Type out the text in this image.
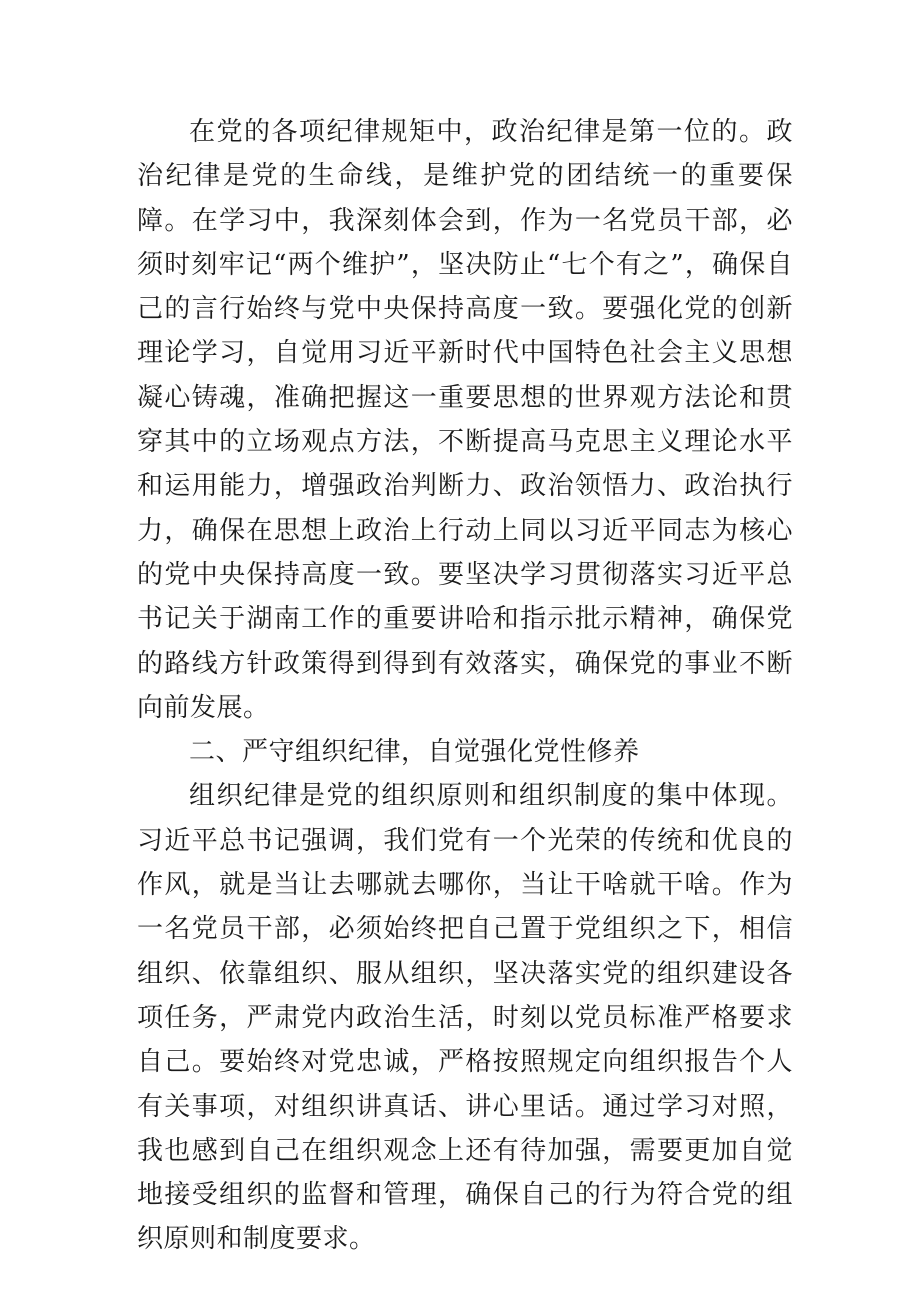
在党的各项纪律规矩中，政治纪律是第一位的。政治纪律是党的生命线，是维护党的团结统一的重要保障。在学习中，我深刻体会到，作为一名党员干部，必须时刻牢记“两个维护”，坚决防止“七个有之”，确保自己的言行始终与党中央保持高度一致。要强化党的创新理论学习，自觉用习近平新时代中国特色社会主义思想凝心铸魂，准确把握这一重要思想的世界观方法论和贯穿其中的立场观点方法，不断提高马克思主义理论水平和运用能力，增强政治判断力、政治领悟力、政治执行力，确保在思想上政治上行动上同以习近平同志为核心的党中央保持高度一致。要坚决学习贯彻落实习近平总书记关于湖南工作的重要讲哈和指示批示精神，确保党的路线方针政策得到得到有效落实，确保党的事业不断向前发展。

二、严守组织纪律，自觉强化党性修养

组织纪律是党的组织原则和组织制度的集中体现。习近平总书记强调，我们党有一个光荣的传统和优良的作风，就是当让去哪就去哪你，当让干啥就干啥。作为一名党员干部，必须始终把自己置于党组织之下，相信组织、依靠组织、服从组织，坚决落实党的组织建设各项任务，严肃党内政治生活，时刻以党员标准严格要求自己。要始终对党忠诚，严格按照规定向组织报告个人有关事项，对组织讲真话、讲心里话。通过学习对照，我也感到自己在组织观念上还有待加强，需要更加自觉地接受组织的监督和管理，确保自己的行为符合党的组织原则和制度要求。
